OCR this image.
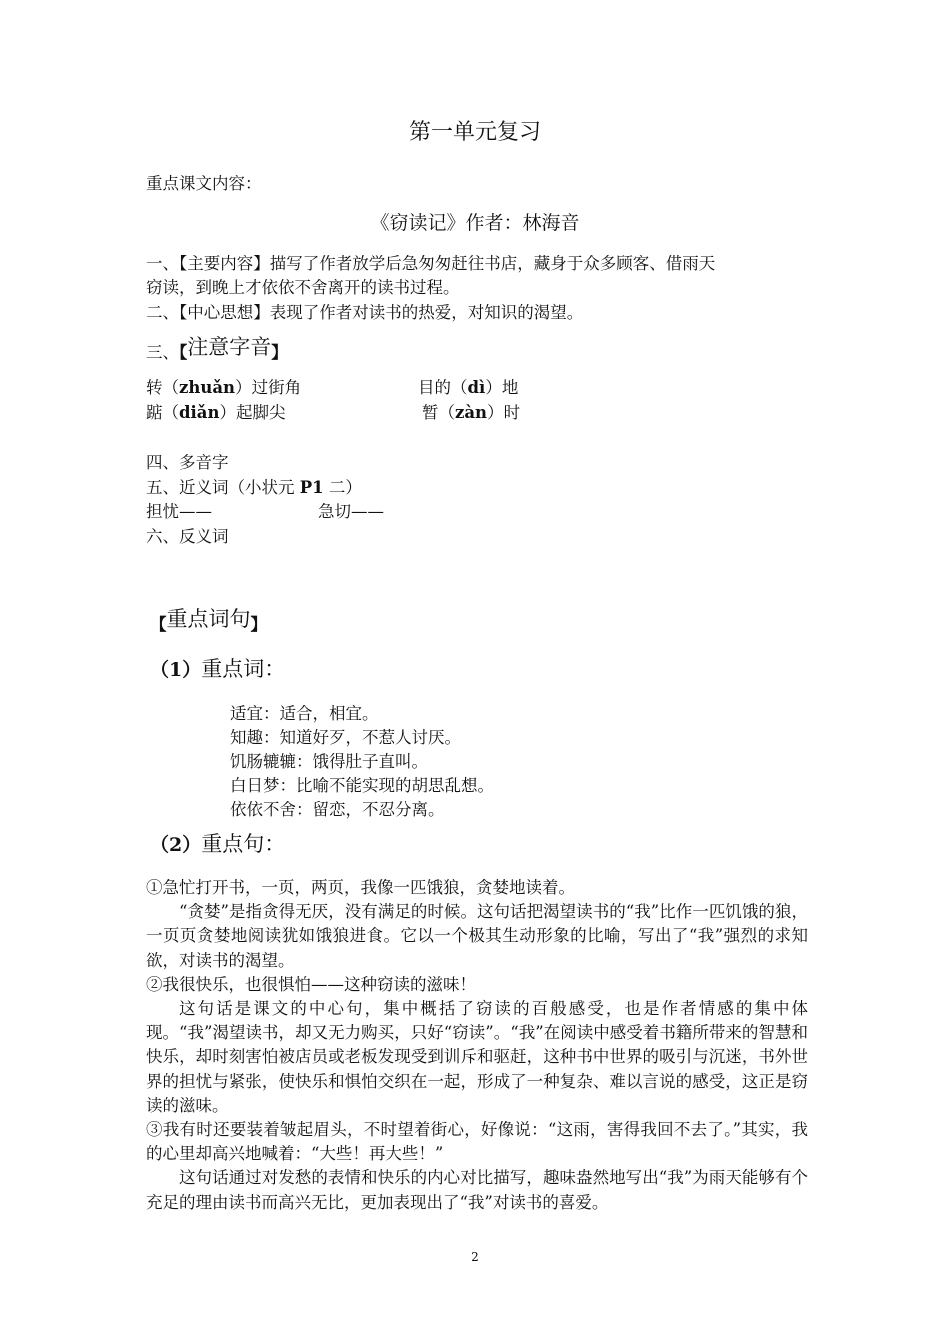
第一单元复习
重点课文内容：
《窃读记》作者：林海音
一、【主要内容】描写了作者放学后急匆匆赶往书店，藏身于众多顾客、借雨天
窃读，到晚上才依依不舍离开的读书过程。
二、【中心思想】表现了作者对读书的热爱，对知识的渴望。
三、【注意字音】
转（zhuǎn）过街角	目的（dì）地
踮（diǎn）起脚尖	暂（zàn）时
四、多音字
五、近义词（小状元 P1 二）
担忧——	急切——
六、反义词
【重点词句】
（1）重点词：
适宜：适合，相宜。
知趣：知道好歹，不惹人讨厌。
饥肠辘辘：饿得肚子直叫。
白日梦：比喻不能实现的胡思乱想。
依依不舍：留恋，不忍分离。
（2）重点句：
①急忙打开书，一页，两页，我像一匹饿狼，贪婪地读着。
“贪婪”是指贪得无厌，没有满足的时候。这句话把渴望读书的“我”比作一匹饥饿的狼，一页页贪婪地阅读犹如饿狼进食。它以一个极其生动形象的比喻，写出了“我”强烈的求知欲，对读书的渴望。
②我很快乐，也很惧怕——这种窃读的滋味！
这句话是课文的中心句，集中概括了窃读的百般感受，也是作者情感的集中体现。“我”渴望读书，却又无力购买，只好“窃读”。“我”在阅读中感受着书籍所带来的智慧和快乐，却时刻害怕被店员或老板发现受到训斥和驱赶，这种书中世界的吸引与沉迷，书外世界的担忧与紧张，使快乐和惧怕交织在一起，形成了一种复杂、难以言说的感受，这正是窃读的滋味。
③我有时还要装着皱起眉头，不时望着街心，好像说：“这雨，害得我回不去了。”其实，我的心里却高兴地喊着：“大些！再大些！”
这句话通过对发愁的表情和快乐的内心对比描写，趣味盎然地写出“我”为雨天能够有个充足的理由读书而高兴无比，更加表现出了“我”对读书的喜爱。
2
